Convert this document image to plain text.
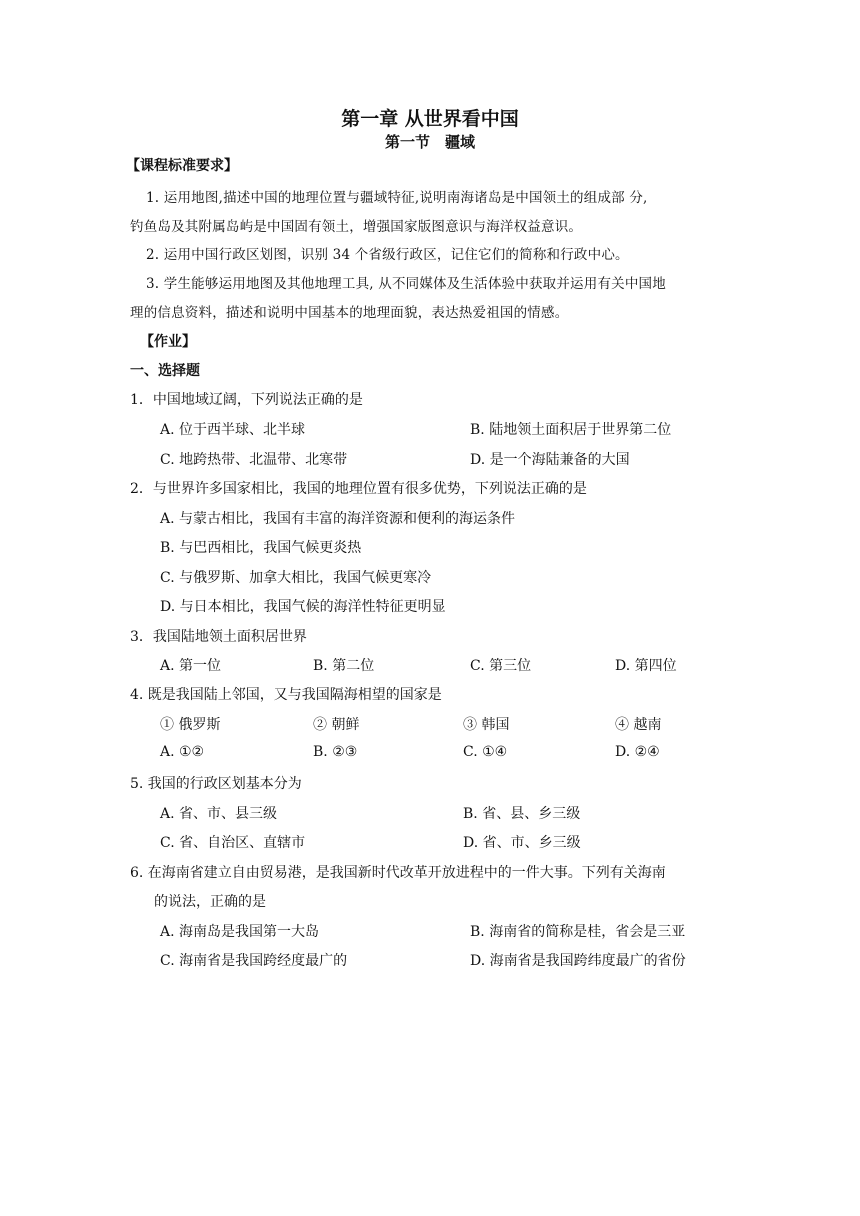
第一章 从世界看中国
第一节　疆域
【课程标准要求】
1. 运用地图,描述中国的地理位置与疆域特征,说明南海诸岛是中国领土的组成部 分,
钓鱼岛及其附属岛屿是中国固有领土，增强国家版图意识与海洋权益意识。
2. 运用中国行政区划图，识别 34 个省级行政区，记住它们的简称和行政中心。
3. 学生能够运用地图及其他地理工具, 从不同媒体及生活体验中获取并运用有关中国地
理的信息资料，描述和说明中国基本的地理面貌，表达热爱祖国的情感。
【作业】
一、选择题
1．中国地域辽阔，下列说法正确的是
A. 位于西半球、北半球	B. 陆地领土面积居于世界第二位
C. 地跨热带、北温带、北寒带	D. 是一个海陆兼备的大国
2．与世界许多国家相比，我国的地理位置有很多优势，下列说法正确的是
A. 与蒙古相比，我国有丰富的海洋资源和便利的海运条件
B. 与巴西相比，我国气候更炎热
C. 与俄罗斯、加拿大相比，我国气候更寒冷
D. 与日本相比，我国气候的海洋性特征更明显
3．我国陆地领土面积居世界
A. 第一位	B. 第二位	C. 第三位	D. 第四位
4. 既是我国陆上邻国，又与我国隔海相望的国家是
① 俄罗斯	② 朝鲜	③ 韩国	④ 越南
A. ①②	B. ②③	C. ①④	D. ②④
5. 我国的行政区划基本分为
A. 省、市、县三级	B. 省、县、乡三级
C. 省、自治区、直辖市	D. 省、市、乡三级
6. 在海南省建立自由贸易港，是我国新时代改革开放进程中的一件大事。下列有关海南
的说法，正确的是
A. 海南岛是我国第一大岛	B. 海南省的简称是桂，省会是三亚
C. 海南省是我国跨经度最广的	D. 海南省是我国跨纬度最广的省份
